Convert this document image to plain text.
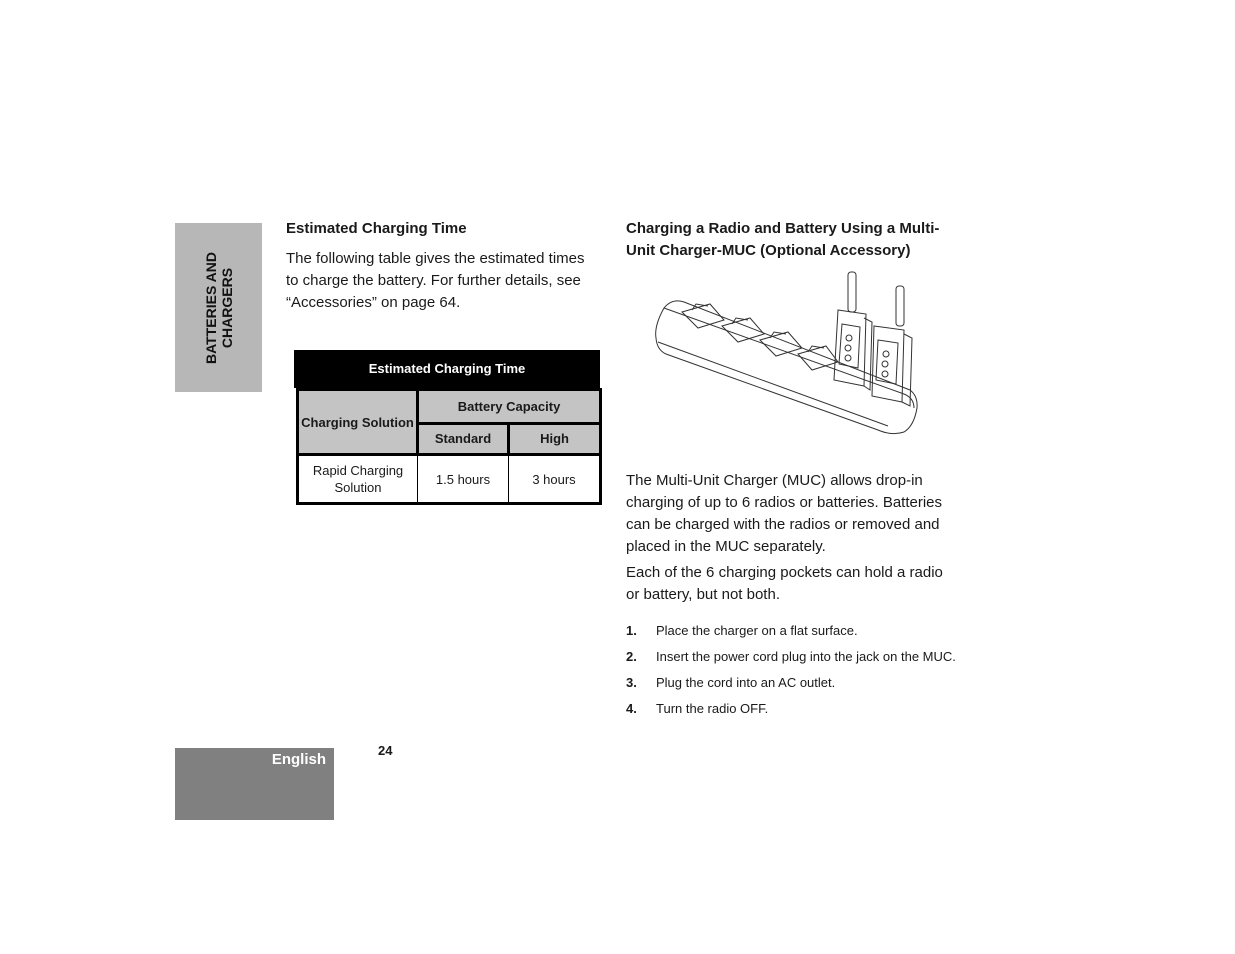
BATTERIES AND
CHARGERS
Estimated Charging Time

The following table gives the estimated times to charge the battery. For further details, see “Accessories” on page 64.

Estimated Charging Time
Charging Solution	Battery Capacity	
	Standard	High
Rapid Charging Solution	1.5 hours	3 hours
Charging a Radio and Battery Using a Multi-Unit Charger-MUC (Optional Accessory)

The Multi-Unit Charger (MUC) allows drop-in charging of up to 6 radios or batteries. Batteries can be charged with the radios or removed and placed in the MUC separately.

Each of the 6 charging pockets can hold a radio or battery, but not both.

1. Place the charger on a flat surface.
2. Insert the power cord plug into the jack on the MUC.
3. Plug the cord into an AC outlet.
4. Turn the radio OFF.
English
24
